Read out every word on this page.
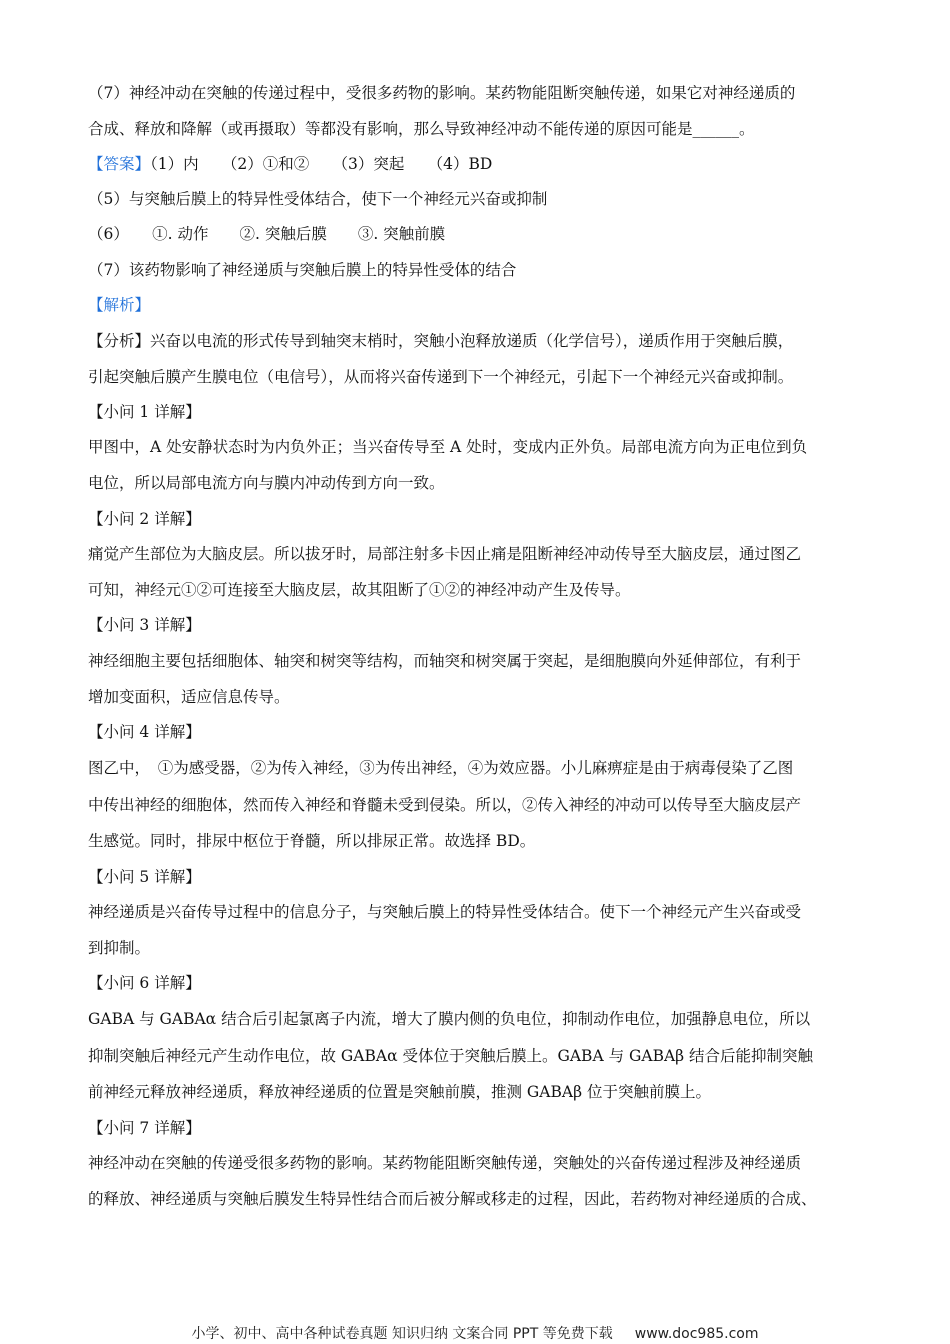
（7）神经冲动在突触的传递过程中，受很多药物的影响。某药物能阻断突触传递，如果它对神经递质的
合成、释放和降解（或再摄取）等都没有影响，那么导致神经冲动不能传递的原因可能是______。
【答案】（1）内　　（2）①和②　　（3）突起　　（4）BD
（5）与突触后膜上的特异性受体结合，使下一个神经元兴奋或抑制
（6）　　①. 动作　　②. 突触后膜　　③. 突触前膜
（7）该药物影响了神经递质与突触后膜上的特异性受体的结合
【解析】
【分析】兴奋以电流的形式传导到轴突末梢时，突触小泡释放递质（化学信号），递质作用于突触后膜，
引起突触后膜产生膜电位（电信号），从而将兴奋传递到下一个神经元，引起下一个神经元兴奋或抑制。
【小问 1 详解】
甲图中，A 处安静状态时为内负外正；当兴奋传导至 A 处时，变成内正外负。局部电流方向为正电位到负
电位，所以局部电流方向与膜内冲动传到方向一致。
【小问 2 详解】
痛觉产生部位为大脑皮层。所以拔牙时，局部注射多卡因止痛是阻断神经冲动传导至大脑皮层，通过图乙
可知，神经元①②可连接至大脑皮层，故其阻断了①②的神经冲动产生及传导。
【小问 3 详解】
神经细胞主要包括细胞体、轴突和树突等结构，而轴突和树突属于突起，是细胞膜向外延伸部位，有利于
增加变面积，适应信息传导。
【小问 4 详解】
图乙中，　①为感受器，②为传入神经，③为传出神经，④为效应器。小儿麻痹症是由于病毒侵染了乙图
中传出神经的细胞体，然而传入神经和脊髓未受到侵染。所以，②传入神经的冲动可以传导至大脑皮层产
生感觉。同时，排尿中枢位于脊髓，所以排尿正常。故选择 BD。
【小问 5 详解】
神经递质是兴奋传导过程中的信息分子，与突触后膜上的特异性受体结合。使下一个神经元产生兴奋或受
到抑制。
【小问 6 详解】
GABA 与 GABAα 结合后引起氯离子内流，增大了膜内侧的负电位，抑制动作电位，加强静息电位，所以
抑制突触后神经元产生动作电位，故 GABAα 受体位于突触后膜上。GABA 与 GABAβ 结合后能抑制突触
前神经元释放神经递质，释放神经递质的位置是突触前膜，推测 GABAβ 位于突触前膜上。
【小问 7 详解】
神经冲动在突触的传递受很多药物的影响。某药物能阻断突触传递，突触处的兴奋传递过程涉及神经递质
的释放、神经递质与突触后膜发生特异性结合而后被分解或移走的过程，因此，若药物对神经递质的合成、
小学、初中、高中各种试卷真题 知识归纳 文案合同 PPT 等免费下载 www.doc985.com
